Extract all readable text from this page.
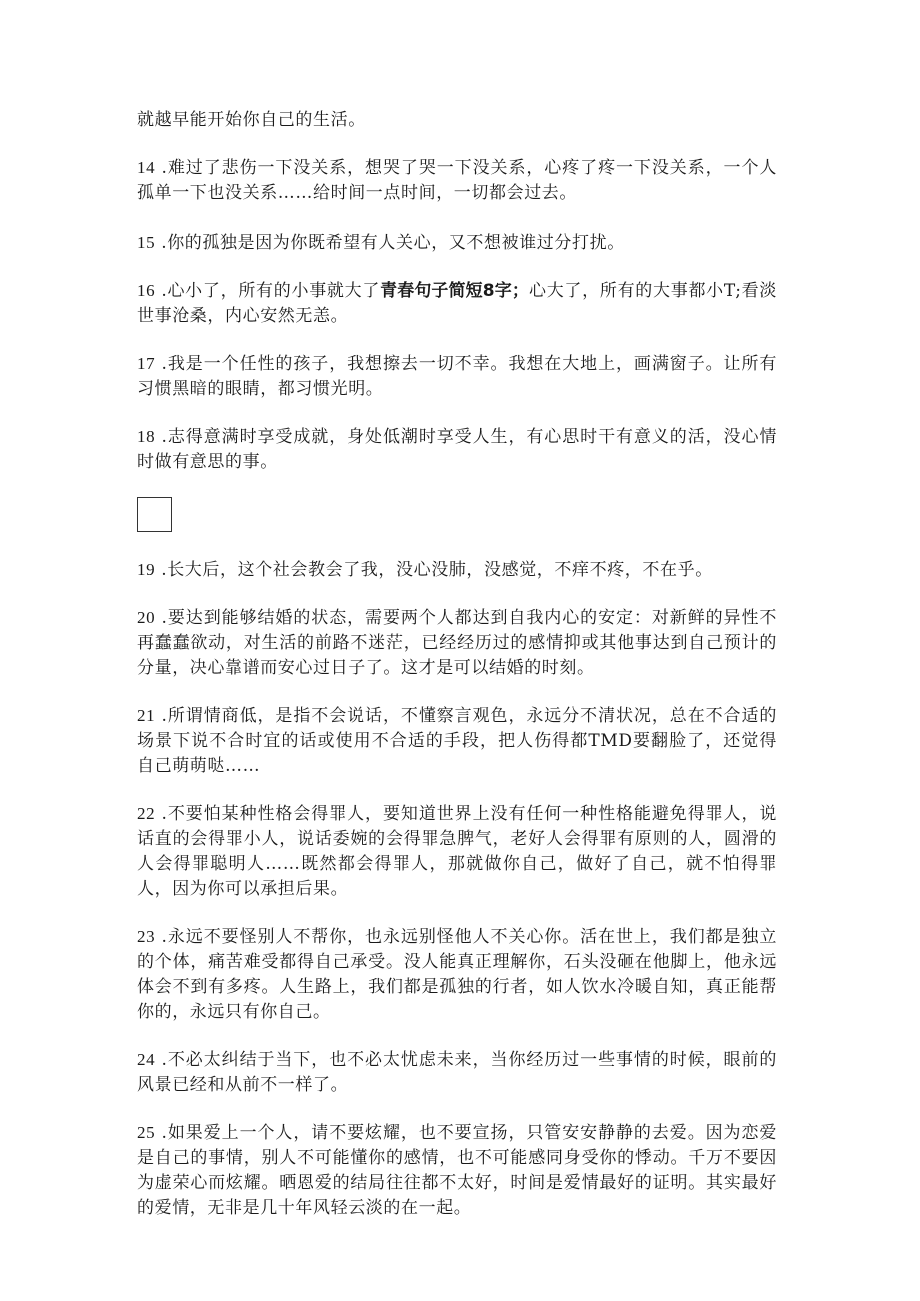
就越早能开始你自己的生活。

14 .难过了悲伤一下没关系，想哭了哭一下没关系，心疼了疼一下没关系，一个人孤单一下也没关系……给时间一点时间，一切都会过去。

15 .你的孤独是因为你既希望有人关心，又不想被谁过分打扰。

16 .心小了，所有的小事就大了青春句子简短8字；心大了，所有的大事都小T;看淡世事沧桑，内心安然无恙。

17 .我是一个任性的孩子，我想擦去一切不幸。我想在大地上，画满窗子。让所有习惯黑暗的眼睛，都习惯光明。

18 .志得意满时享受成就，身处低潮时享受人生，有心思时干有意义的活，没心情时做有意思的事。

19 .长大后，这个社会教会了我，没心没肺，没感觉，不痒不疼，不在乎。

20 .要达到能够结婚的状态，需要两个人都达到自我内心的安定：对新鲜的异性不再蠢蠢欲动，对生活的前路不迷茫，已经经历过的感情抑或其他事达到自己预计的分量，决心靠谱而安心过日子了。这才是可以结婚的时刻。

21 .所谓情商低，是指不会说话，不懂察言观色，永远分不清状况，总在不合适的场景下说不合时宜的话或使用不合适的手段，把人伤得都TMD要翻脸了，还觉得自己萌萌哒……

22 .不要怕某种性格会得罪人，要知道世界上没有任何一种性格能避免得罪人，说话直的会得罪小人，说话委婉的会得罪急脾气，老好人会得罪有原则的人，圆滑的人会得罪聪明人……既然都会得罪人，那就做你自己，做好了自己，就不怕得罪人，因为你可以承担后果。

23 .永远不要怪别人不帮你，也永远别怪他人不关心你。活在世上，我们都是独立的个体，痛苦难受都得自己承受。没人能真正理解你，石头没砸在他脚上，他永远体会不到有多疼。人生路上，我们都是孤独的行者，如人饮水冷暖自知，真正能帮你的，永远只有你自己。

24 .不必太纠结于当下，也不必太忧虑未来，当你经历过一些事情的时候，眼前的风景已经和从前不一样了。

25 .如果爱上一个人，请不要炫耀，也不要宣扬，只管安安静静的去爱。因为恋爱是自己的事情，别人不可能懂你的感情，也不可能感同身受你的悸动。千万不要因为虚荣心而炫耀。晒恩爱的结局往往都不太好，时间是爱情最好的证明。其实最好的爱情，无非是几十年风轻云淡的在一起。
